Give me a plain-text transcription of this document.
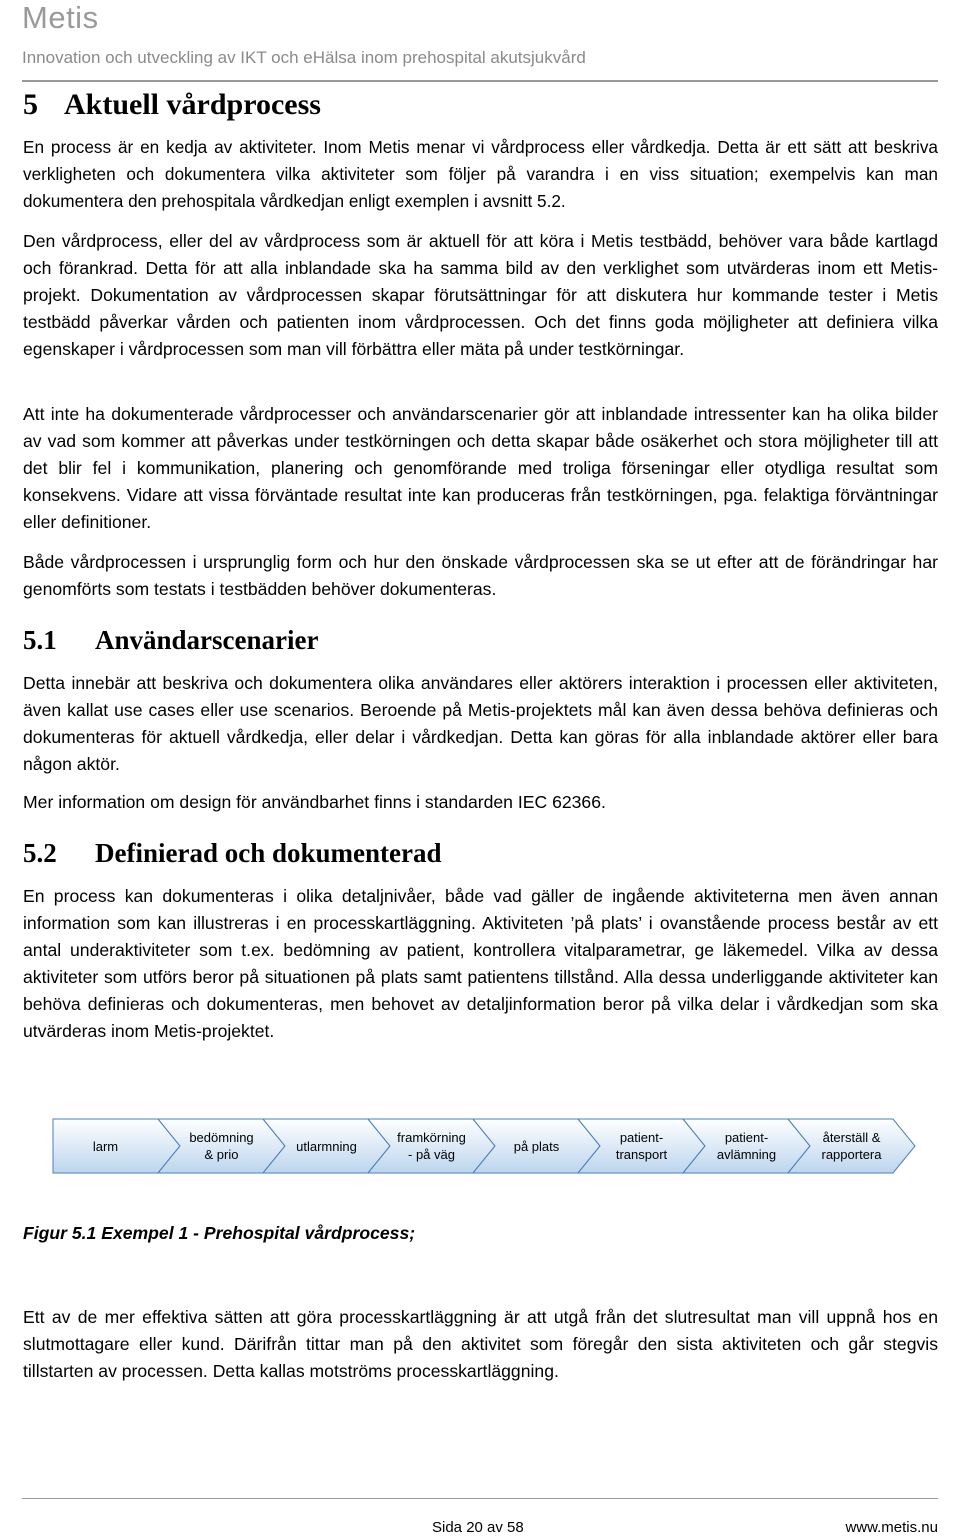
Metis
Innovation och utveckling av IKT och eHälsa inom prehospital akutsjukvård
5 Aktuell vårdprocess

En process är en kedja av aktiviteter. Inom Metis menar vi vårdprocess eller vårdkedja. Detta är ett sätt att beskriva verkligheten och dokumentera vilka aktiviteter som följer på varandra i en viss situation; exempelvis kan man dokumentera den prehospitala vårdkedjan enligt exemplen i avsnitt 5.2.

Den vårdprocess, eller del av vårdprocess som är aktuell för att köra i Metis testbädd, behöver vara både kartlagd och förankrad. Detta för att alla inblandade ska ha samma bild av den verklighet som utvärderas inom ett Metis-projekt. Dokumentation av vårdprocessen skapar förutsättningar för att diskutera hur kommande tester i Metis testbädd påverkar vården och patienten inom vårdprocessen. Och det finns goda möjligheter att definiera vilka egenskaper i vårdprocessen som man vill förbättra eller mäta på under testkörningar.

Att inte ha dokumenterade vårdprocesser och användarscenarier gör att inblandade intressenter kan ha olika bilder av vad som kommer att påverkas under testkörningen och detta skapar både osäkerhet och stora möjligheter till att det blir fel i kommunikation, planering och genomförande med troliga förseningar eller otydliga resultat som konsekvens. Vidare att vissa förväntade resultat inte kan produceras från testkörningen, pga. felaktiga förväntningar eller definitioner.

Både vårdprocessen i ursprunglig form och hur den önskade vårdprocessen ska se ut efter att de förändringar har genomförts som testats i testbädden behöver dokumenteras.

5.1 Användarscenarier

Detta innebär att beskriva och dokumentera olika användares eller aktörers interaktion i processen eller aktiviteten, även kallat use cases eller use scenarios. Beroende på Metis-projektets mål kan även dessa behöva definieras och dokumenteras för aktuell vårdkedja, eller delar i vårdkedjan. Detta kan göras för alla inblandade aktörer eller bara någon aktör.

Mer information om design för användbarhet finns i standarden IEC 62366.

5.2 Definierad och dokumenterad

En process kan dokumenteras i olika detaljnivåer, både vad gäller de ingående aktiviteterna men även annan information som kan illustreras i en processkartläggning. Aktiviteten ’på plats’ i ovanstående process består av ett antal underaktiviteter som t.ex. bedömning av patient, kontrollera vitalparametrar, ge läkemedel. Vilka av dessa aktiviteter som utförs beror på situationen på plats samt patientens tillstånd. Alla dessa underliggande aktiviteter kan behöva definieras och dokumenteras, men behovet av detaljinformation beror på vilka delar i vårdkedjan som ska utvärderas inom Metis-projektet.

larm
bedömning & prio
utlarmning
framkörning - på väg
på plats
patient-transport
patient-avlämning
återställ & rapportera
Figur 5.1 Exempel 1 - Prehospital vårdprocess;

Ett av de mer effektiva sätten att göra processkartläggning är att utgå från det slutresultat man vill uppnå hos en slutmottagare eller kund. Därifrån tittar man på den aktivitet som föregår den sista aktiviteten och går stegvis tillstarten av processen. Detta kallas motströms processkartläggning.

Sida 20 av 58	www.metis.nu
